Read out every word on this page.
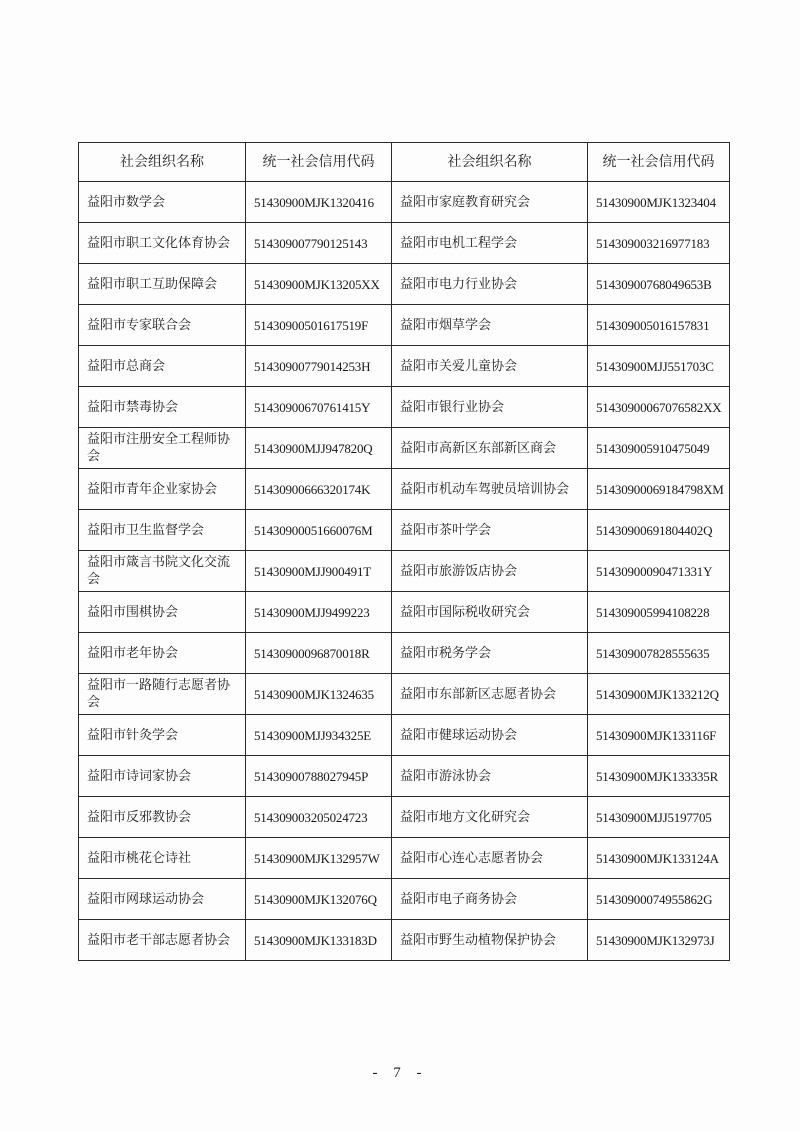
社会组织名称	统一社会信用代码	社会组织名称	统一社会信用代码
益阳市数学会	51430900MJK1320416	益阳市家庭教育研究会	51430900MJK1323404
益阳市职工文化体育协会	514309007790125143	益阳市电机工程学会	514309003216977183
益阳市职工互助保障会	51430900MJK13205XX	益阳市电力行业协会	51430900768049653B
益阳市专家联合会	51430900501617519F	益阳市烟草学会	514309005016157831
益阳市总商会	51430900779014253H	益阳市关爱儿童协会	51430900MJJ551703C
益阳市禁毒协会	51430900670761415Y	益阳市银行业协会	51430900067076582XX
益阳市注册安全工程师协会	51430900MJJ947820Q	益阳市高新区东部新区商会	514309005910475049
益阳市青年企业家协会	51430900666320174K	益阳市机动车驾驶员培训协会	51430900069184798XM
益阳市卫生监督学会	51430900051660076M	益阳市茶叶学会	51430900691804402Q
益阳市箴言书院文化交流会	51430900MJJ900491T	益阳市旅游饭店协会	51430900090471331Y
益阳市围棋协会	51430900MJJ9499223	益阳市国际税收研究会	514309005994108228
益阳市老年协会	51430900096870018R	益阳市税务学会	514309007828555635
益阳市一路随行志愿者协会	51430900MJK1324635	益阳市东部新区志愿者协会	51430900MJK133212Q
益阳市针灸学会	51430900MJJ934325E	益阳市健球运动协会	51430900MJK133116F
益阳市诗词家协会	51430900788027945P	益阳市游泳协会	51430900MJK133335R
益阳市反邪教协会	514309003205024723	益阳市地方文化研究会	51430900MJJ5197705
益阳市桃花仑诗社	51430900MJK132957W	益阳市心连心志愿者协会	51430900MJK133124A
益阳市网球运动协会	51430900MJK132076Q	益阳市电子商务协会	51430900074955862G
益阳市老干部志愿者协会	51430900MJK133183D	益阳市野生动植物保护协会	51430900MJK132973J
- 7 -
